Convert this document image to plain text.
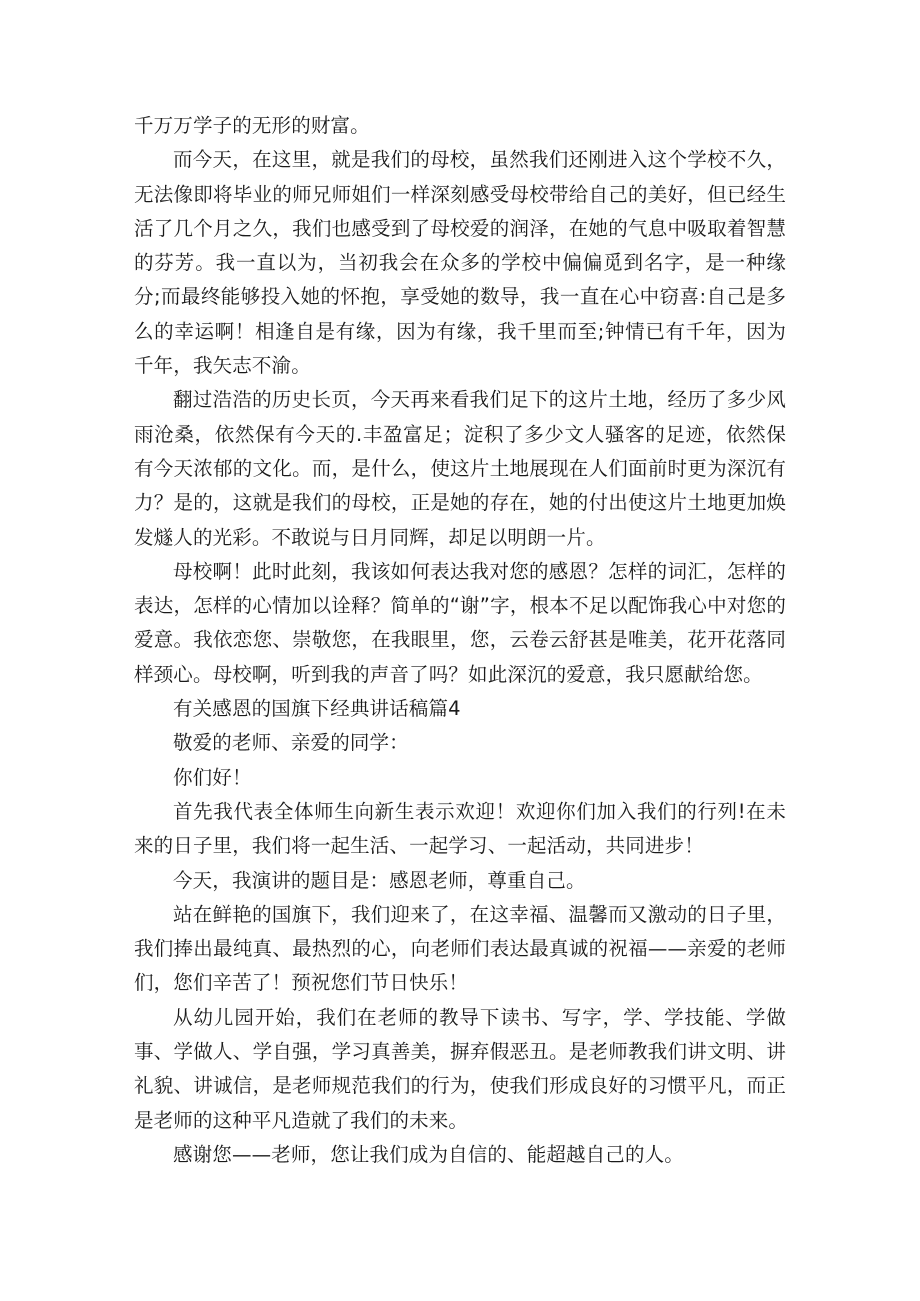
千万万学子的无形的财富。

而今天，在这里，就是我们的母校，虽然我们还刚进入这个学校不久，无法像即将毕业的师兄师姐们一样深刻感受母校带给自己的美好，但已经生活了几个月之久，我们也感受到了母校爱的润泽，在她的气息中吸取着智慧的芬芳。我一直以为，当初我会在众多的学校中偏偏觅到名字，是一种缘分;而最终能够投入她的怀抱，享受她的数导，我一直在心中窃喜:自己是多么的幸运啊！相逢自是有缘，因为有缘，我千里而至;钟情已有千年，因为千年，我矢志不渝。

翻过浩浩的历史长页，今天再来看我们足下的这片土地，经历了多少风雨沧桑，依然保有今天的.丰盈富足；淀积了多少文人骚客的足迹，依然保有今天浓郁的文化。而，是什么，使这片土地展现在人们面前时更为深沉有力？是的，这就是我们的母校，正是她的存在，她的付出使这片土地更加焕发燧人的光彩。不敢说与日月同辉，却足以明朗一片。

母校啊！此时此刻，我该如何表达我对您的感恩？怎样的词汇，怎样的表达，怎样的心情加以诠释？简单的“谢”字，根本不足以配饰我心中对您的爱意。我依恋您、崇敬您，在我眼里，您，云卷云舒甚是唯美，花开花落同样颈心。母校啊，听到我的声音了吗？如此深沉的爱意，我只愿献给您。

有关感恩的国旗下经典讲话稿篇4

敬爱的老师、亲爱的同学：

你们好！

首先我代表全体师生向新生表示欢迎！欢迎你们加入我们的行列!在未来的日子里，我们将一起生活、一起学习、一起活动，共同进步！

今天，我演讲的题目是：感恩老师，尊重自己。

站在鲜艳的国旗下，我们迎来了，在这幸福、温馨而又激动的日子里，我们捧出最纯真、最热烈的心，向老师们表达最真诚的祝福——亲爱的老师们，您们辛苦了！预祝您们节日快乐！

从幼儿园开始，我们在老师的教导下读书、写字，学、学技能、学做事、学做人、学自强，学习真善美，摒弃假恶丑。是老师教我们讲文明、讲礼貌、讲诚信，是老师规范我们的行为，使我们形成良好的习惯平凡，而正是老师的这种平凡造就了我们的未来。

感谢您——老师，您让我们成为自信的、能超越自己的人。
